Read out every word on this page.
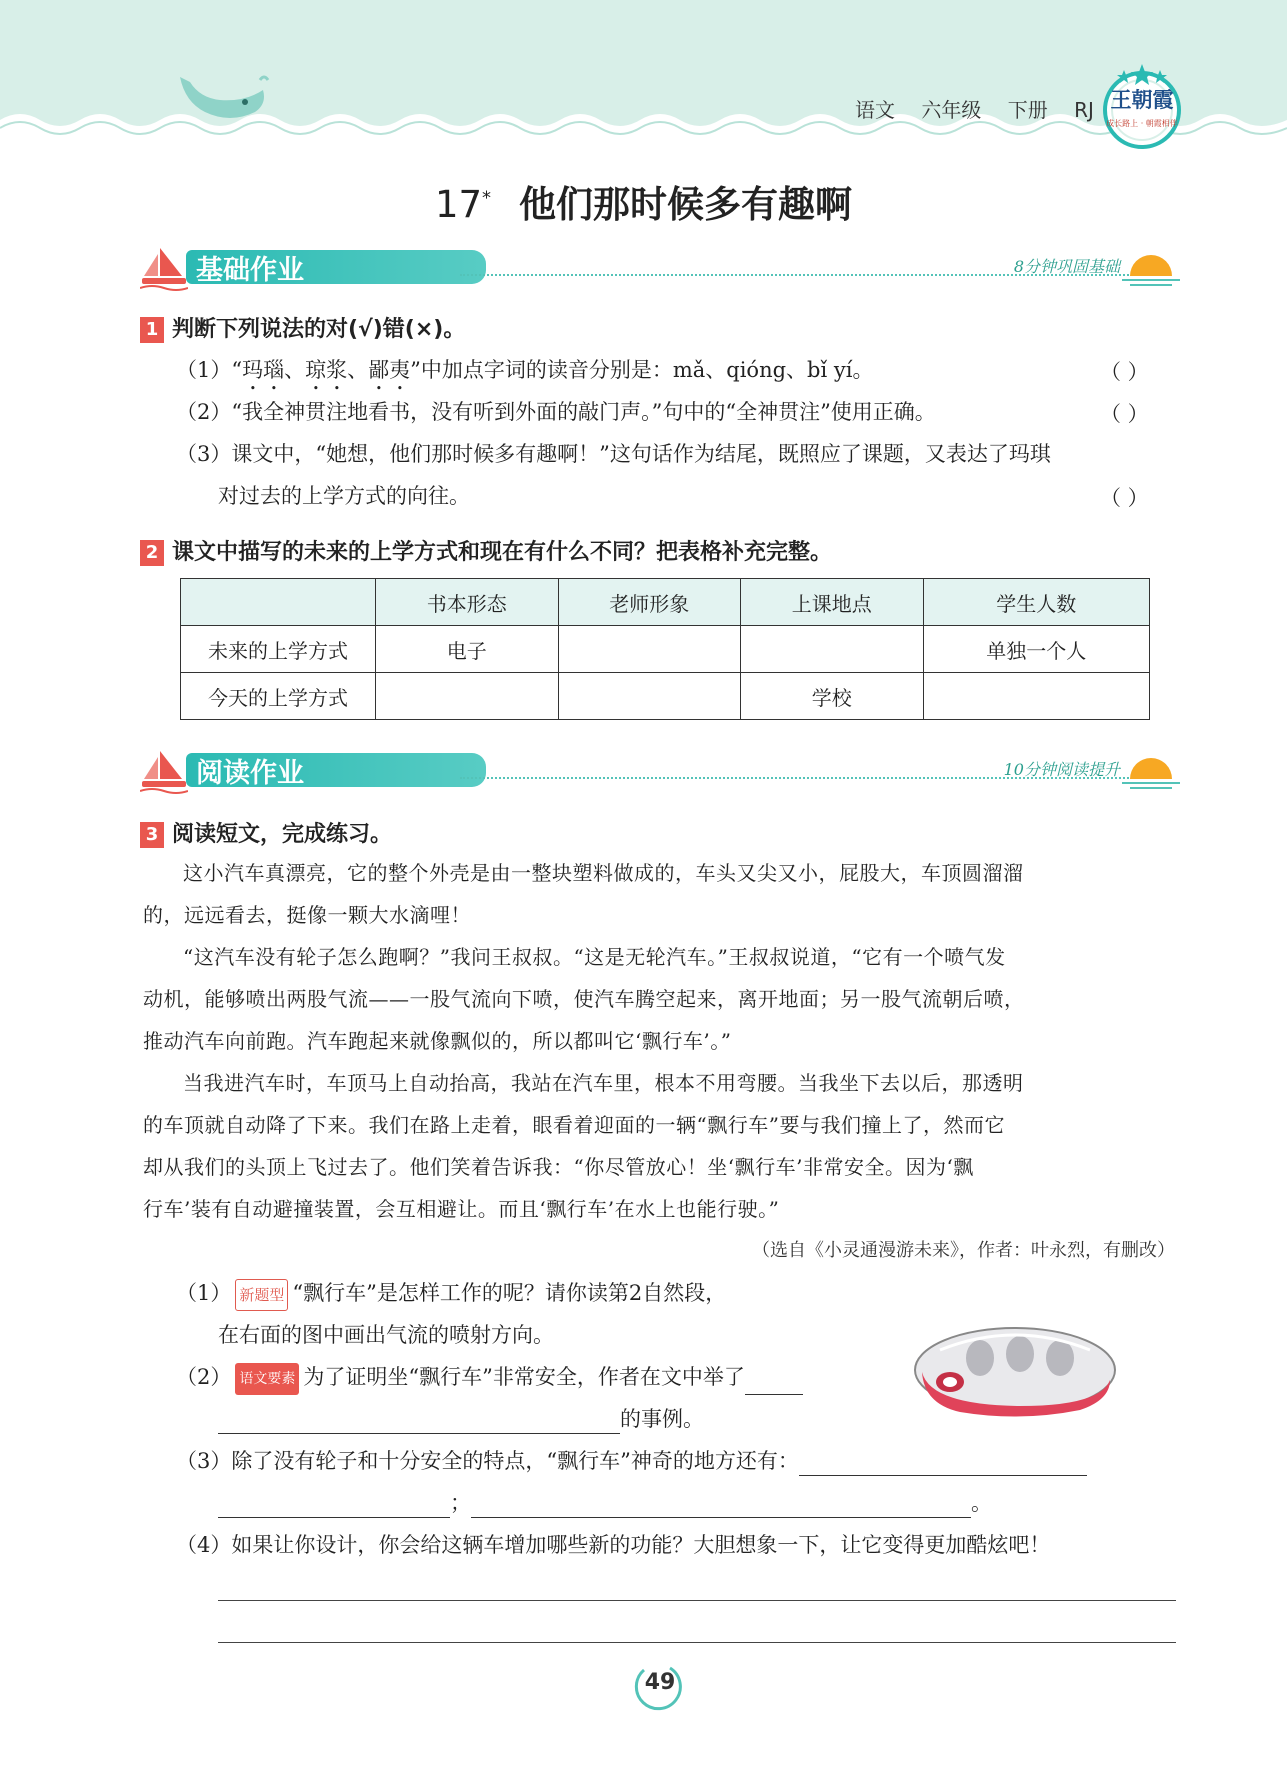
语文 六年级 下册 RJ 王朝霞
成长路上 · 朝霞相伴
17* 他们那时候多有趣啊
基础作业	8分钟巩固基础
1 判断下列说法的对(√)错(×)。
（1）“玛瑙、琼浆、鄙夷”中加点字词的读音分别是：mǎ、qióng、bǐ yí。	（ ）
（2）“我全神贯注地看书，没有听到外面的敲门声。”句中的“全神贯注”使用正确。	（ ）
（3）课文中，“她想，他们那时候多有趣啊！”这句话作为结尾，既照应了课题，又表达了玛琪
对过去的上学方式的向往。	（ ）
2 课文中描写的未来的上学方式和现在有什么不同？把表格补充完整。
	书本形态	老师形象	上课地点	学生人数
未来的上学方式	电子			单独一个人
今天的上学方式			学校	
阅读作业	10分钟阅读提升
3 阅读短文，完成练习。
这小汽车真漂亮，它的整个外壳是由一整块塑料做成的，车头又尖又小，屁股大，车顶圆溜溜
的，远远看去，挺像一颗大水滴哩！
“这汽车没有轮子怎么跑啊？”我问王叔叔。“这是无轮汽车。”王叔叔说道，“它有一个喷气发
动机，能够喷出两股气流——一股气流向下喷，使汽车腾空起来，离开地面；另一股气流朝后喷，
推动汽车向前跑。汽车跑起来就像飘似的，所以都叫它‘飘行车’。”
当我进汽车时，车顶马上自动抬高，我站在汽车里，根本不用弯腰。当我坐下去以后，那透明
的车顶就自动降了下来。我们在路上走着，眼看着迎面的一辆“飘行车”要与我们撞上了，然而它
却从我们的头顶上飞过去了。他们笑着告诉我：“你尽管放心！坐‘飘行车’非常安全。因为‘飘
行车’装有自动避撞装置，会互相避让。而且‘飘行车’在水上也能行驶。”
（选自《小灵通漫游未来》，作者：叶永烈，有删改）
（1） 新题型 “飘行车”是怎样工作的呢？请你读第2自然段，
在右面的图中画出气流的喷射方向。
（2） 语文要素 为了证明坐“飘行车”非常安全，作者在文中举了
的事例。
（3）除了没有轮子和十分安全的特点，“飘行车”神奇的地方还有：
；	。
（4）如果让你设计，你会给这辆车增加哪些新的功能？大胆想象一下，让它变得更加酷炫吧！
49
